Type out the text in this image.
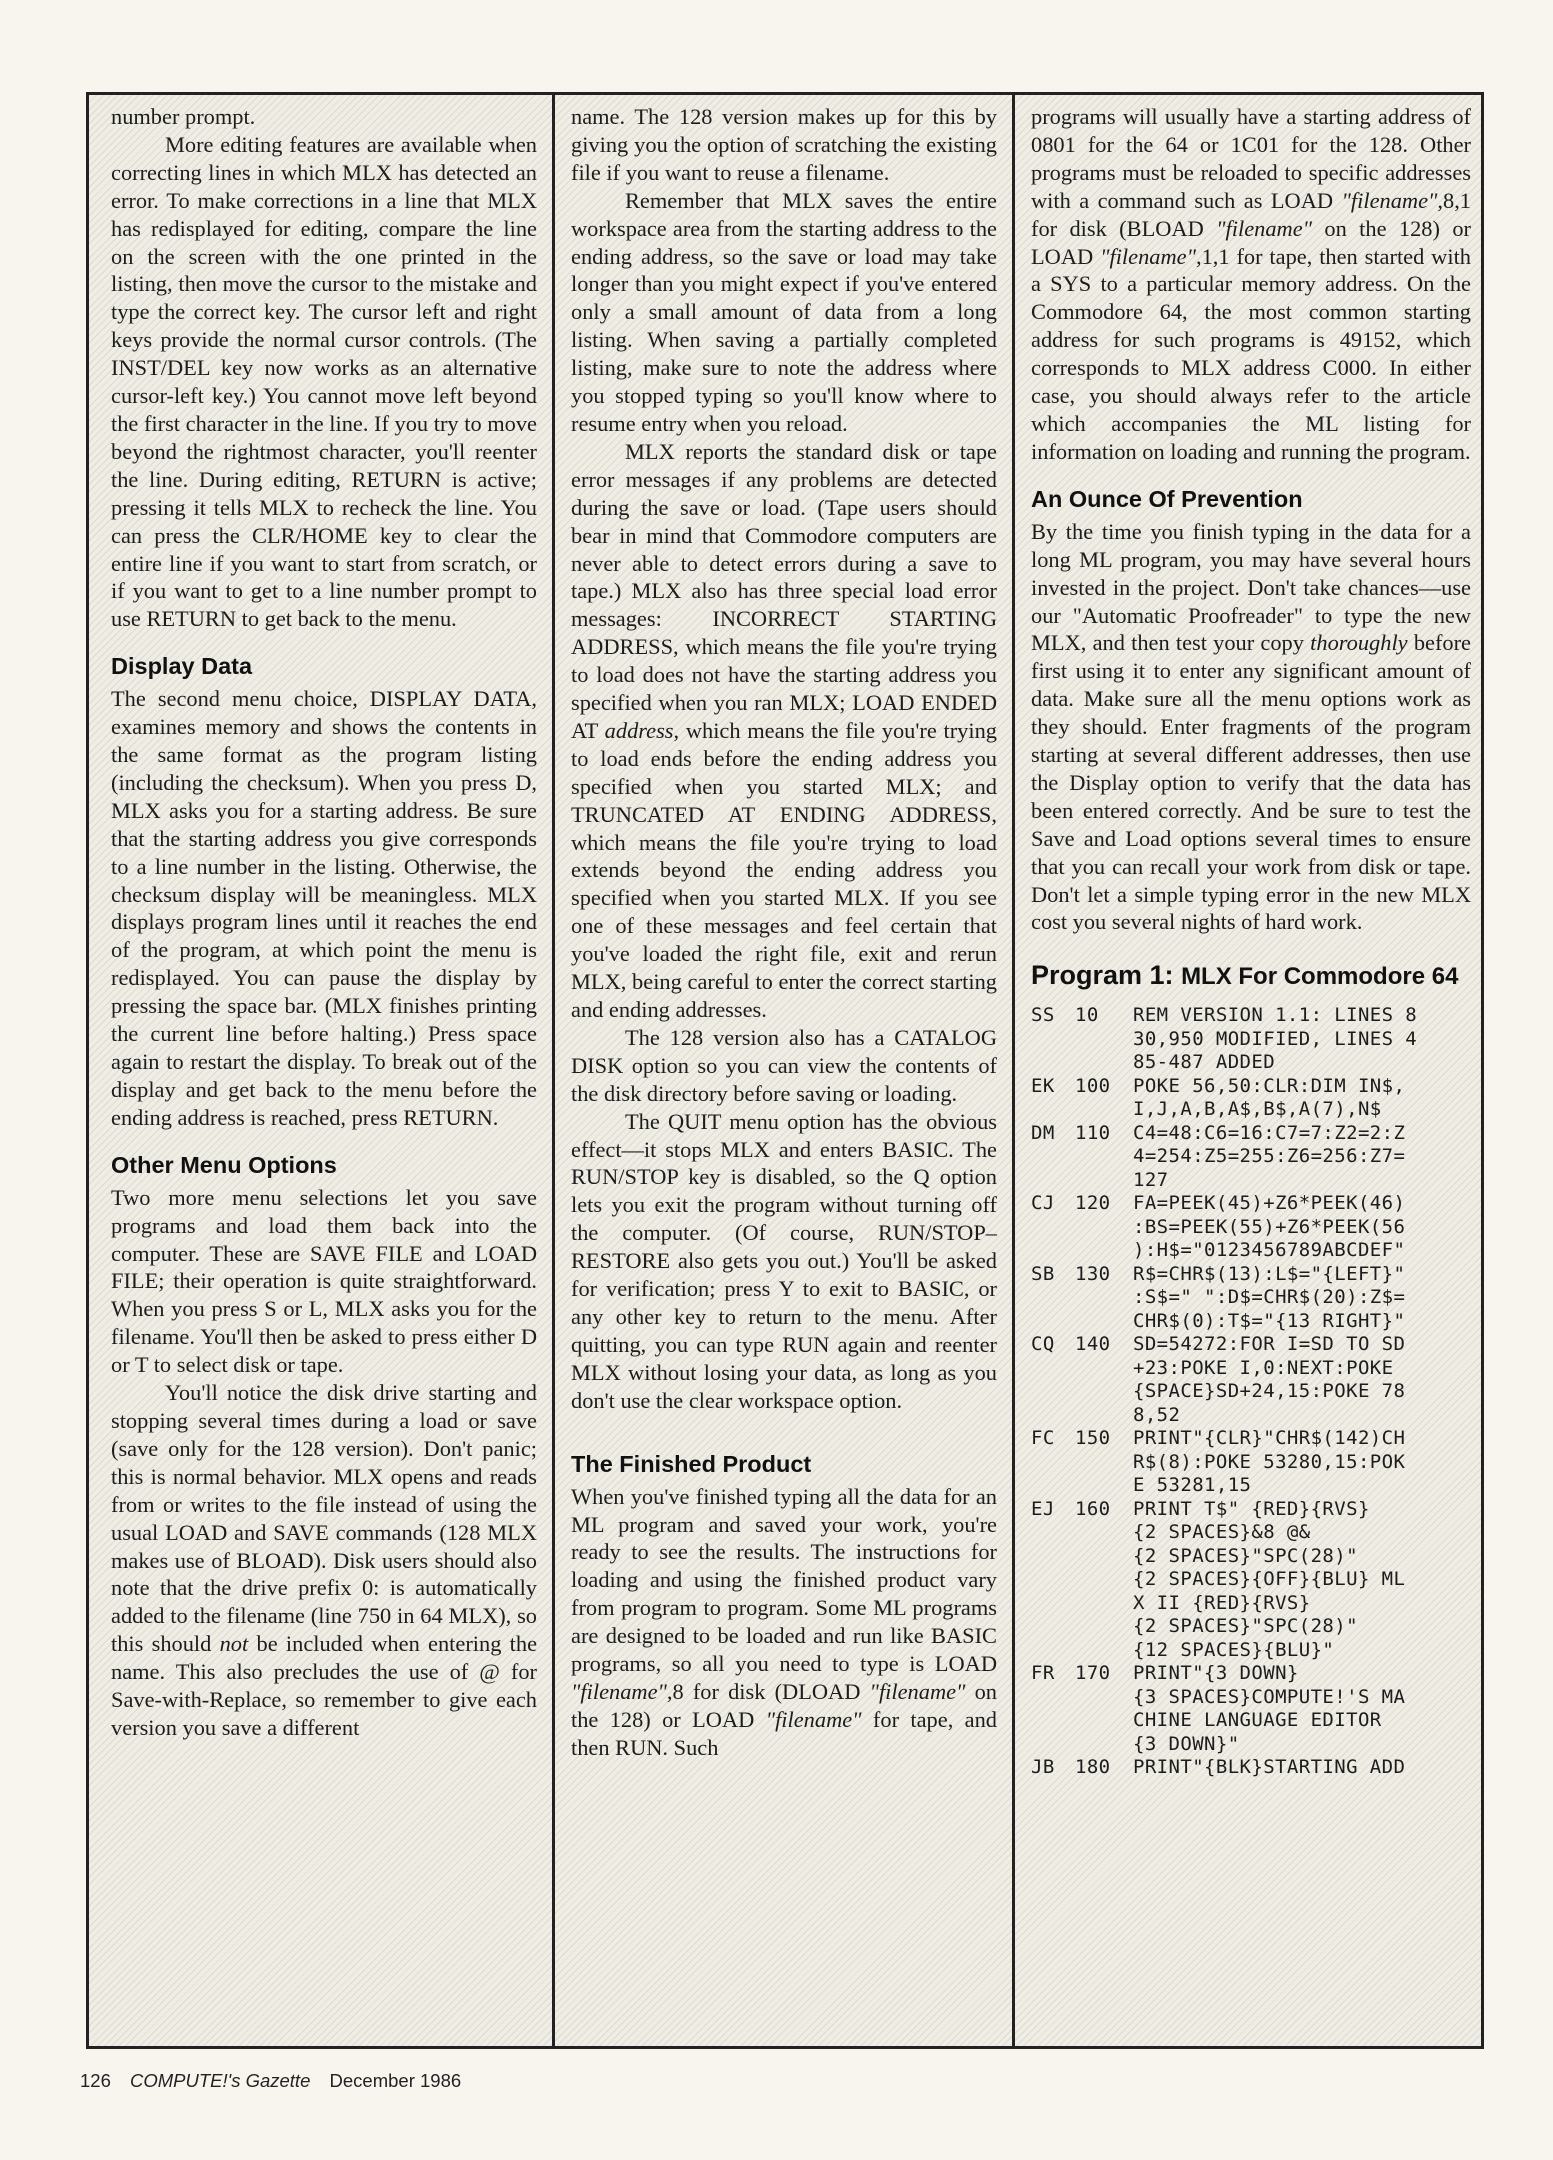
number prompt.

More editing features are available when correcting lines in which MLX has detected an error. To make corrections in a line that MLX has redisplayed for editing, compare the line on the screen with the one printed in the listing, then move the cursor to the mistake and type the correct key. The cursor left and right keys provide the normal cursor controls. (The INST/DEL key now works as an alternative cursor-left key.) You cannot move left beyond the first character in the line. If you try to move beyond the rightmost character, you'll reenter the line. During editing, RETURN is active; pressing it tells MLX to recheck the line. You can press the CLR/HOME key to clear the entire line if you want to start from scratch, or if you want to get to a line number prompt to use RETURN to get back to the menu.

Display Data

The second menu choice, DISPLAY DATA, examines memory and shows the contents in the same format as the program listing (including the checksum). When you press D, MLX asks you for a starting address. Be sure that the starting address you give corresponds to a line number in the listing. Otherwise, the checksum display will be meaningless. MLX displays program lines until it reaches the end of the program, at which point the menu is redisplayed. You can pause the display by pressing the space bar. (MLX finishes printing the current line before halting.) Press space again to restart the display. To break out of the display and get back to the menu before the ending address is reached, press RETURN.

Other Menu Options

Two more menu selections let you save programs and load them back into the computer. These are SAVE FILE and LOAD FILE; their operation is quite straightforward. When you press S or L, MLX asks you for the filename. You'll then be asked to press either D or T to select disk or tape.

You'll notice the disk drive starting and stopping several times during a load or save (save only for the 128 version). Don't panic; this is normal behavior. MLX opens and reads from or writes to the file instead of using the usual LOAD and SAVE commands (128 MLX makes use of BLOAD). Disk users should also note that the drive prefix 0: is automatically added to the filename (line 750 in 64 MLX), so this should not be included when entering the name. This also precludes the use of @ for Save-with-Replace, so remember to give each version you save a different

name. The 128 version makes up for this by giving you the option of scratching the existing file if you want to reuse a filename.

Remember that MLX saves the entire workspace area from the starting address to the ending address, so the save or load may take longer than you might expect if you've entered only a small amount of data from a long listing. When saving a partially completed listing, make sure to note the address where you stopped typing so you'll know where to resume entry when you reload.

MLX reports the standard disk or tape error messages if any problems are detected during the save or load. (Tape users should bear in mind that Commodore computers are never able to detect errors during a save to tape.) MLX also has three special load error messages: INCORRECT STARTING ADDRESS, which means the file you're trying to load does not have the starting address you specified when you ran MLX; LOAD ENDED AT address, which means the file you're trying to load ends before the ending address you specified when you started MLX; and TRUNCATED AT ENDING ADDRESS, which means the file you're trying to load extends beyond the ending address you specified when you started MLX. If you see one of these messages and feel certain that you've loaded the right file, exit and rerun MLX, being careful to enter the correct starting and ending addresses.

The 128 version also has a CATALOG DISK option so you can view the contents of the disk directory before saving or loading.

The QUIT menu option has the obvious effect—it stops MLX and enters BASIC. The RUN/STOP key is disabled, so the Q option lets you exit the program without turning off the computer. (Of course, RUN/STOP–RESTORE also gets you out.) You'll be asked for verification; press Y to exit to BASIC, or any other key to return to the menu. After quitting, you can type RUN again and reenter MLX without losing your data, as long as you don't use the clear workspace option.

The Finished Product

When you've finished typing all the data for an ML program and saved your work, you're ready to see the results. The instructions for loading and using the finished product vary from program to program. Some ML programs are designed to be loaded and run like BASIC programs, so all you need to type is LOAD "filename",8 for disk (DLOAD "filename" on the 128) or LOAD "filename" for tape, and then RUN. Such

programs will usually have a starting address of 0801 for the 64 or 1C01 for the 128. Other programs must be reloaded to specific addresses with a command such as LOAD "filename",8,1 for disk (BLOAD "filename" on the 128) or LOAD "filename",1,1 for tape, then started with a SYS to a particular memory address. On the Commodore 64, the most common starting address for such programs is 49152, which corresponds to MLX address C000. In either case, you should always refer to the article which accompanies the ML listing for information on loading and running the program.

An Ounce Of Prevention

By the time you finish typing in the data for a long ML program, you may have several hours invested in the project. Don't take chances—use our "Automatic Proofreader" to type the new MLX, and then test your copy thoroughly before first using it to enter any significant amount of data. Make sure all the menu options work as they should. Enter fragments of the program starting at several different addresses, then use the Display option to verify that the data has been entered correctly. And be sure to test the Save and Load options several times to ensure that you can recall your work from disk or tape. Don't let a simple typing error in the new MLX cost you several nights of hard work.

Program 1: MLX For Commodore 64
SS 10 REM VERSION 1.1: LINES 8
30,950 MODIFIED, LINES 4
85-487 ADDED
EK 100 POKE 56,50:CLR:DIM IN$,
I,J,A,B,A$,B$,A(7),N$
DM 110 C4=48:C6=16:C7=7:Z2=2:Z
4=254:Z5=255:Z6=256:Z7=
127
CJ 120 FA=PEEK(45)+Z6*PEEK(46)
:BS=PEEK(55)+Z6*PEEK(56
):H$="0123456789ABCDEF"
SB 130 R$=CHR$(13):L$="{LEFT}"
:S$=" ":D$=CHR$(20):Z$=
CHR$(0):T$="{13 RIGHT}"
CQ 140 SD=54272:FOR I=SD TO SD
+23:POKE I,0:NEXT:POKE
{SPACE}SD+24,15:POKE 78
8,52
FC 150 PRINT"{CLR}"CHR$(142)CH
R$(8):POKE 53280,15:POK
E 53281,15
EJ 160 PRINT T$" {RED}{RVS}
{2 SPACES}&8 @&
{2 SPACES}"SPC(28)"
{2 SPACES}{OFF}{BLU} ML
X II {RED}{RVS}
{2 SPACES}"SPC(28)"
{12 SPACES}{BLU}"
FR 170 PRINT"{3 DOWN}
{3 SPACES}COMPUTE!'S MA
CHINE LANGUAGE EDITOR
{3 DOWN}"
JB 180 PRINT"{BLK}STARTING ADD
126 COMPUTE!'s Gazette December 1986
